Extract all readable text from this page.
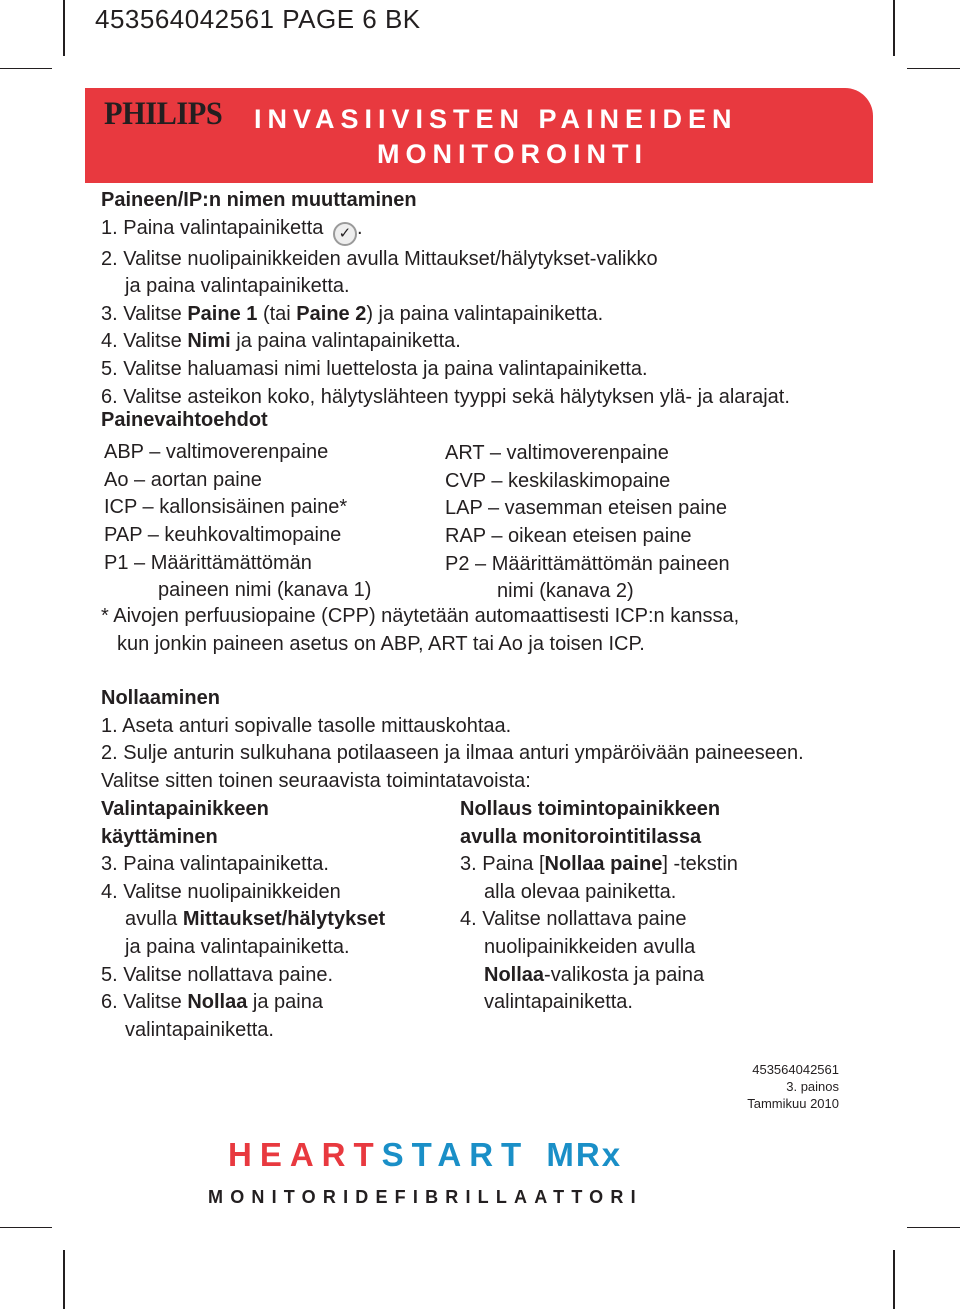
453564042561 PAGE 6 BK
PHILIPS INVASIIVISTEN PAINEIDEN
MONITOROINTI
Paineen/IP:n nimen muuttaminen
1. Paina valintapainiketta ✓ .
2. Valitse nuolipainikkeiden avulla Mittaukset/hälytykset-valikko
ja paina valintapainiketta.
3. Valitse Paine 1 (tai Paine 2) ja paina valintapainiketta.
4. Valitse Nimi ja paina valintapainiketta.
5. Valitse haluamasi nimi luettelosta ja paina valintapainiketta.
6. Valitse asteikon koko, hälytyslähteen tyyppi sekä hälytyksen ylä- ja alarajat.
Painevaihtoehdot
ABP – valtimoverenpaine
Ao – aortan paine
ICP – kallonsisäinen paine*
PAP – keuhkovaltimopaine
P1 – Määrittämättömän
paineen nimi (kanava 1)
ART – valtimoverenpaine
CVP – keskilaskimopaine
LAP – vasemman eteisen paine
RAP – oikean eteisen paine
P2 – Määrittämättömän paineen
nimi (kanava 2)
* Aivojen perfuusiopaine (CPP) näytetään automaattisesti ICP:n kanssa,
kun jonkin paineen asetus on ABP, ART tai Ao ja toisen ICP.
Nollaaminen
1. Aseta anturi sopivalle tasolle mittauskohtaa.
2. Sulje anturin sulkuhana potilaaseen ja ilmaa anturi ympäröivään paineeseen.
Valitse sitten toinen seuraavista toimintatavoista:
Valintapainikkeen
käyttäminen
3. Paina valintapainiketta.
4. Valitse nuolipainikkeiden
avulla Mittaukset/hälytykset
ja paina valintapainiketta.
5. Valitse nollattava paine.
6. Valitse Nollaa ja paina
valintapainiketta.
Nollaus toimintopainikkeen
avulla monitorointitilassa
3. Paina [Nollaa paine] -tekstin
alla olevaa painiketta.
4. Valitse nollattava paine
nuolipainikkeiden avulla
Nollaa-valikosta ja paina
valintapainiketta.
453564042561
3. painos
Tammikuu 2010
HEARTSTART MRx
MONITORIDEFIBRILLAATTORI
